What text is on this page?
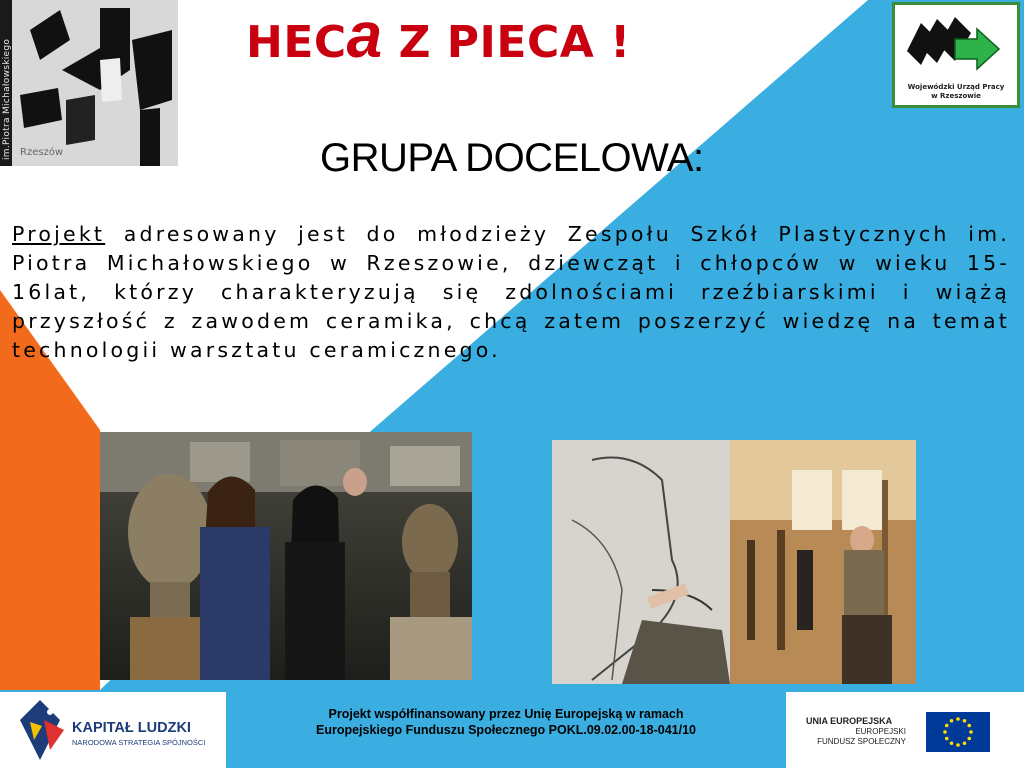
im.Piotra Michałowskiego Rzeszów
HECa Z PIECA !
Wojewódzki Urząd Pracy
w Rzeszowie
GRUPA DOCELOWA:
Projekt adresowany jest do młodzieży Zespołu Szkół Plastycznych im. Piotra Michałowskiego w Rzeszowie, dziewcząt i chłopców w wieku 15-16lat, którzy charakteryzują się zdolnościami rzeźbiarskimi i wiążą przyszłość z zawodem ceramika, chcą zatem poszerzyć wiedzę na temat technologii warsztatu ceramicznego.
KAPITAŁ LUDZKI
NARODOWA STRATEGIA SPÓJNOŚCI
Projekt współfinansowany przez Unię Europejską w ramach
Europejskiego Funduszu Społecznego POKL.09.02.00-18-041/10
UNIA EUROPEJSKA
EUROPEJSKI
FUNDUSZ SPOŁECZNY
